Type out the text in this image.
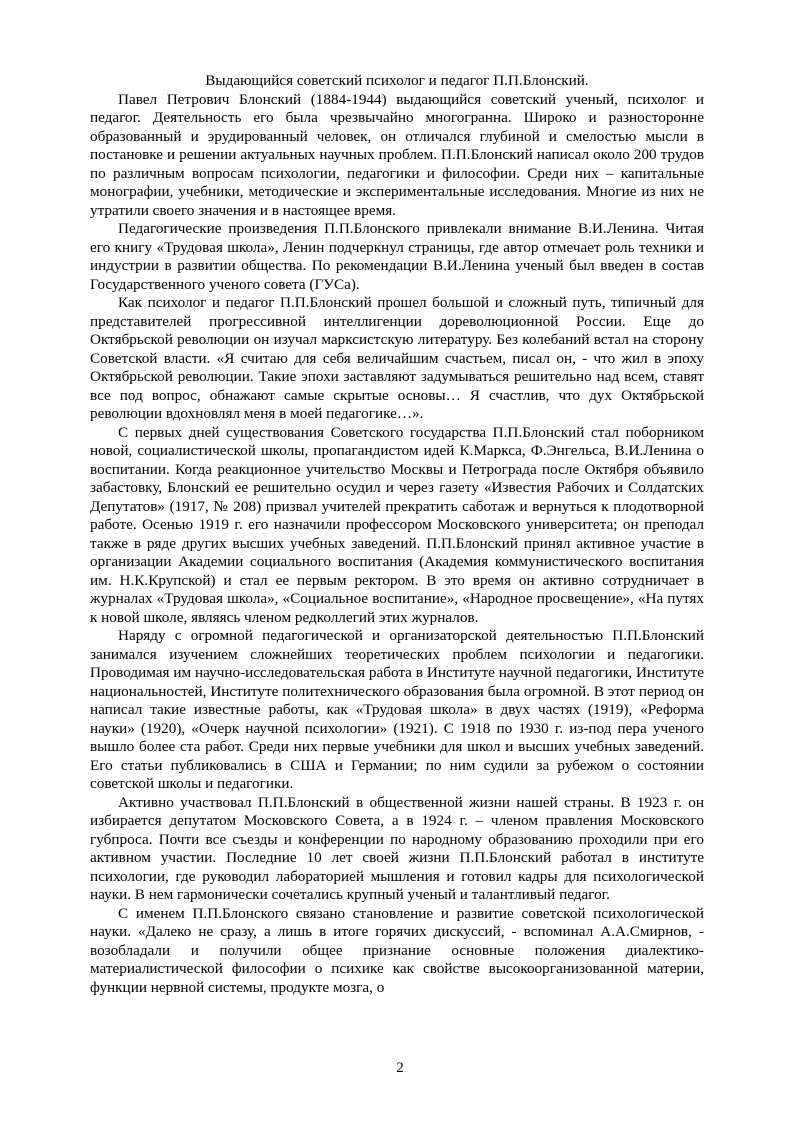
Выдающийся советский психолог и педагог П.П.Блонский.

Павел Петрович Блонский (1884-1944) выдающийся советский ученый, психолог и педагог. Деятельность его была чрезвычайно многогранна. Широко и разносторонне образованный и эрудированный человек, он отличался глубиной и смелостью мысли в постановке и решении актуальных научных проблем. П.П.Блонский написал около 200 трудов по различным вопросам психологии, педагогики и философии. Среди них – капитальные монографии, учебники, методические и экспериментальные исследования. Многие из них не утратили своего значения и в настоящее время.

Педагогические произведения П.П.Блонского привлекали внимание В.И.Ленина. Читая его книгу «Трудовая школа», Ленин подчеркнул страницы, где автор отмечает роль техники и индустрии в развитии общества. По рекомендации В.И.Ленина ученый был введен в состав Государственного ученого совета (ГУСа).

Как психолог и педагог П.П.Блонский прошел большой и сложный путь, типичный для представителей прогрессивной интеллигенции дореволюционной России. Еще до Октябрьской революции он изучал марксистскую литературу. Без колебаний встал на сторону Советской власти. «Я считаю для себя величайшим счастьем, писал он, - что жил в эпоху Октябрьской революции. Такие эпохи заставляют задумываться решительно над всем, ставят все под вопрос, обнажают самые скрытые основы… Я счастлив, что дух Октябрьской революции вдохновлял меня в моей педагогике…».

С первых дней существования Советского государства П.П.Блонский стал поборником новой, социалистической школы, пропагандистом идей К.Маркса, Ф.Энгельса, В.И.Ленина о воспитании. Когда реакционное учительство Москвы и Петрограда после Октября объявило забастовку, Блонский ее решительно осудил и через газету «Известия Рабочих и Солдатских Депутатов» (1917, № 208) призвал учителей прекратить саботаж и вернуться к плодотворной работе. Осенью 1919 г. его назначили профессором Московского университета; он преподал также в ряде других высших учебных заведений. П.П.Блонский принял активное участие в организации Академии социального воспитания (Академия коммунистического воспитания им. Н.К.Крупской) и стал ее первым ректором. В это время он активно сотрудничает в журналах «Трудовая школа», «Социальное воспитание», «Народное просвещение», «На путях к новой школе, являясь членом редколлегий этих журналов.

Наряду с огромной педагогической и организаторской деятельностью П.П.Блонский занимался изучением сложнейших теоретических проблем психологии и педагогики. Проводимая им научно-исследовательская работа в Институте научной педагогики, Институте национальностей, Институте политехнического образования была огромной. В этот период он написал такие известные работы, как «Трудовая школа» в двух частях (1919), «Реформа науки» (1920), «Очерк научной психологии» (1921). С 1918 по 1930 г. из-под пера ученого вышло более ста работ. Среди них первые учебники для школ и высших учебных заведений. Его статьи публиковались в США и Германии; по ним судили за рубежом о состоянии советской школы и педагогики.

Активно участвовал П.П.Блонский в общественной жизни нашей страны. В 1923 г. он избирается депутатом Московского Совета, а в 1924 г. – членом правления Московского губпроса. Почти все съезды и конференции по народному образованию проходили при его активном участии. Последние 10 лет своей жизни П.П.Блонский работал в институте психологии, где руководил лабораторией мышления и готовил кадры для психологической науки. В нем гармонически сочетались крупный ученый и талантливый педагог.

С именем П.П.Блонского связано становление и развитие советской психологической науки. «Далеко не сразу, а лишь в итоге горячих дискуссий, - вспоминал А.А.Смирнов, - возобладали и получили общее признание основные положения диалектико-материалистической философии о психике как свойстве высокоорганизованной материи, функции нервной системы, продукте мозга, о

2
